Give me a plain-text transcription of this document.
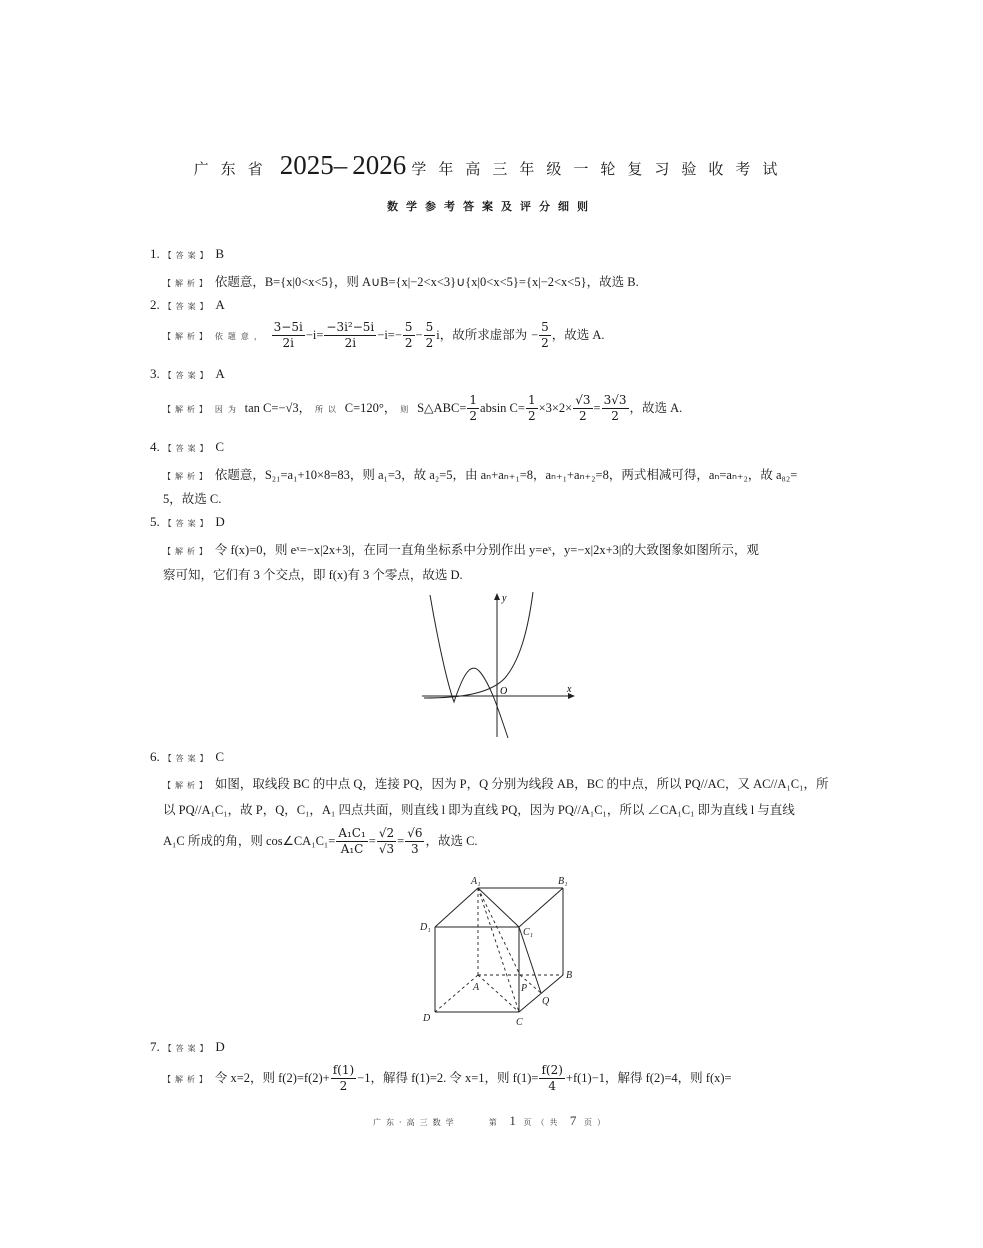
广东省 2025– 2026 学年高三年级一轮复习验收考试
数学参考答案及评分细则
1. 【答案】 B
【解析】 依题意，B={x|0<x<5}，则 A∪B={x|−2<x<3}∪{x|0<x<5}={x|−2<x<5}，故选 B.
2. 【答案】 A
【解析】 依题意， $\frac{3-5i}{2i} -i= \frac{\text{−3i²−5i}}{2i} -i=- \frac{5}{2} - \frac{5}{2}$ i，故所求虚部为 − $\frac{5}{2}$ ，故选 A.
3. 【答案】 A
【解析】 因为 tan C=−√3， 所以 C=120°， 则 S△ABC= $\frac{1}{2}$ absin $C= \frac{1}{2} \times 3\times 2\times \frac{√3}{2} = \frac{3√3}{2}$ ，故选 A.
4. 【答案】 C
【解析】 依题意，S₂₁=a₁+10×8=83，则 a₁=3，故 a₂=5，由 aₙ+aₙ₊₁=8，aₙ₊₁+aₙ₊₂=8，两式相减可得，aₙ=aₙ₊₂，故 a₈₂=
5，故选 C.
5. 【答案】 D
【解析】 令 f(x)=0，则 eˣ=−x|2x+3|，在同一直角坐标系中分别作出 y=eˣ，y=−x|2x+3|的大致图象如图所示，观
察可知，它们有 3 个交点，即 f(x)有 3 个零点，故选 D.
y
x
O
6. 【答案】 C
【解析】 如图，取线段 BC 的中点 Q，连接 PQ，因为 P，Q 分别为线段 AB，BC 的中点，所以 PQ//AC，又 AC//A₁C₁，所
以 PQ//A₁C₁，故 P，Q，C₁，A₁ 四点共面，则直线 l 即为直线 PQ，因为 PQ//A₁C₁，所以 ∠CA₁C₁ 即为直线 l 与直线
A₁C 所成的角，则 cos∠CA₁C₁= $\frac{\text{A₁C₁}}{\text{A₁C}} = \frac{√2}{√3} = \frac{√6}{3}$ ，故选 C.
A₁	B₁
D₁	C₁
A
B
C
D
P
Q
7. 【答案】 D
【解析】 令 x=2，则 $f(2)=f(2)+ \frac{f(1)}{2} -1$，解得 f(1)=2. 令 x=1，则 $f(1)= \frac{f(2)}{4} +f(1)-1$，解得 f(2)=4，则 f(x)=
广东·高三数学	第 1 页（共 7 页）
